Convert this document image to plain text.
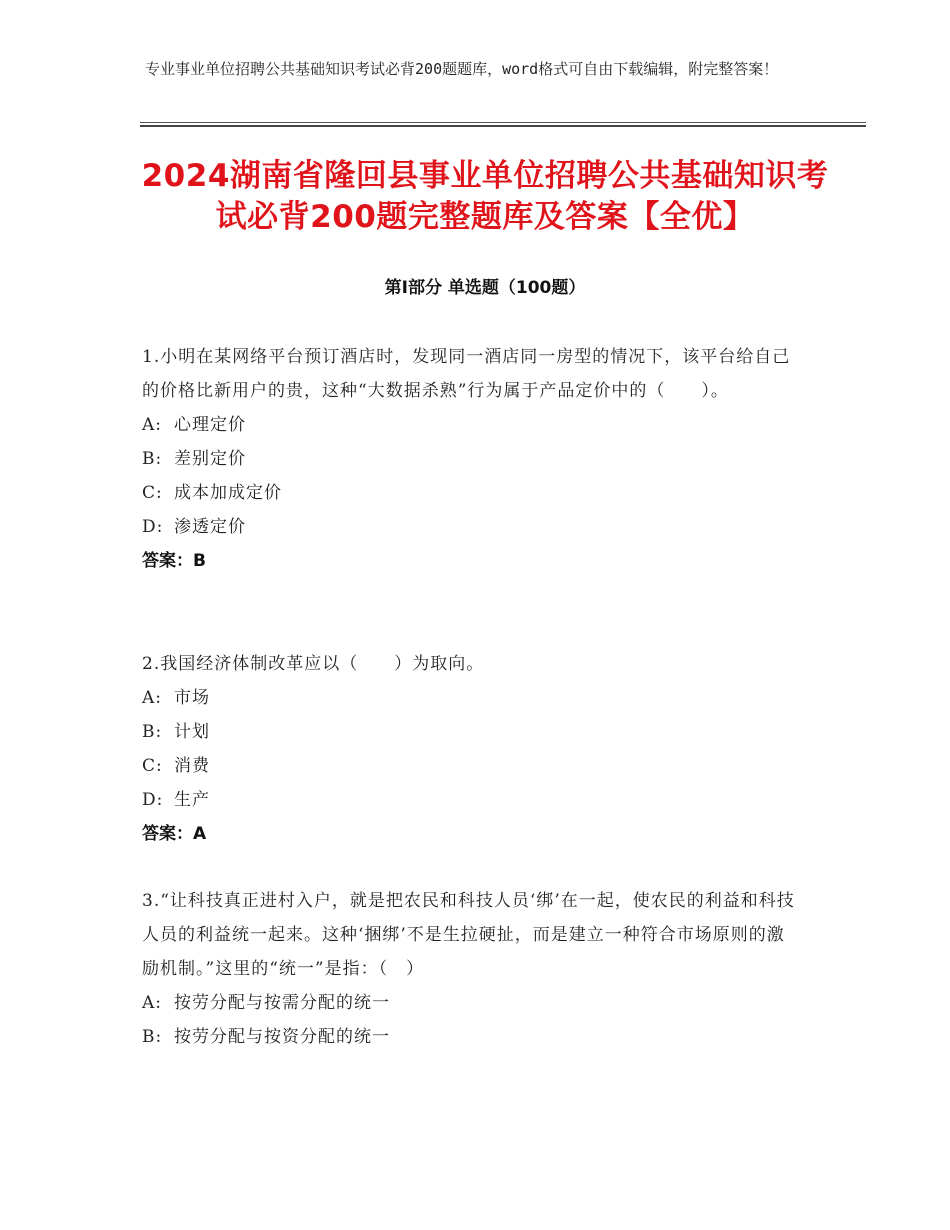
专业事业单位招聘公共基础知识考试必背200题题库，word格式可自由下载编辑，附完整答案！
2024湖南省隆回县事业单位招聘公共基础知识考试必背200题完整题库及答案【全优】
第Ⅰ部分 单选题（100题）

1.小明在某网络平台预订酒店时，发现同一酒店同一房型的情况下，该平台给自己的价格比新用户的贵，这种“大数据杀熟”行为属于产品定价中的（　　）。

A: 心理定价
B: 差别定价
C: 成本加成定价
D: 渗透定价
答案：B

2.我国经济体制改革应以（　　）为取向。

A: 市场
B: 计划
C: 消费
D: 生产
答案：A

3.“让科技真正进村入户，就是把农民和科技人员‘绑’在一起，使农民的利益和科技人员的利益统一起来。这种‘捆绑’不是生拉硬扯，而是建立一种符合市场原则的激励机制。”这里的“统一”是指：（　）

A: 按劳分配与按需分配的统一
B: 按劳分配与按资分配的统一
